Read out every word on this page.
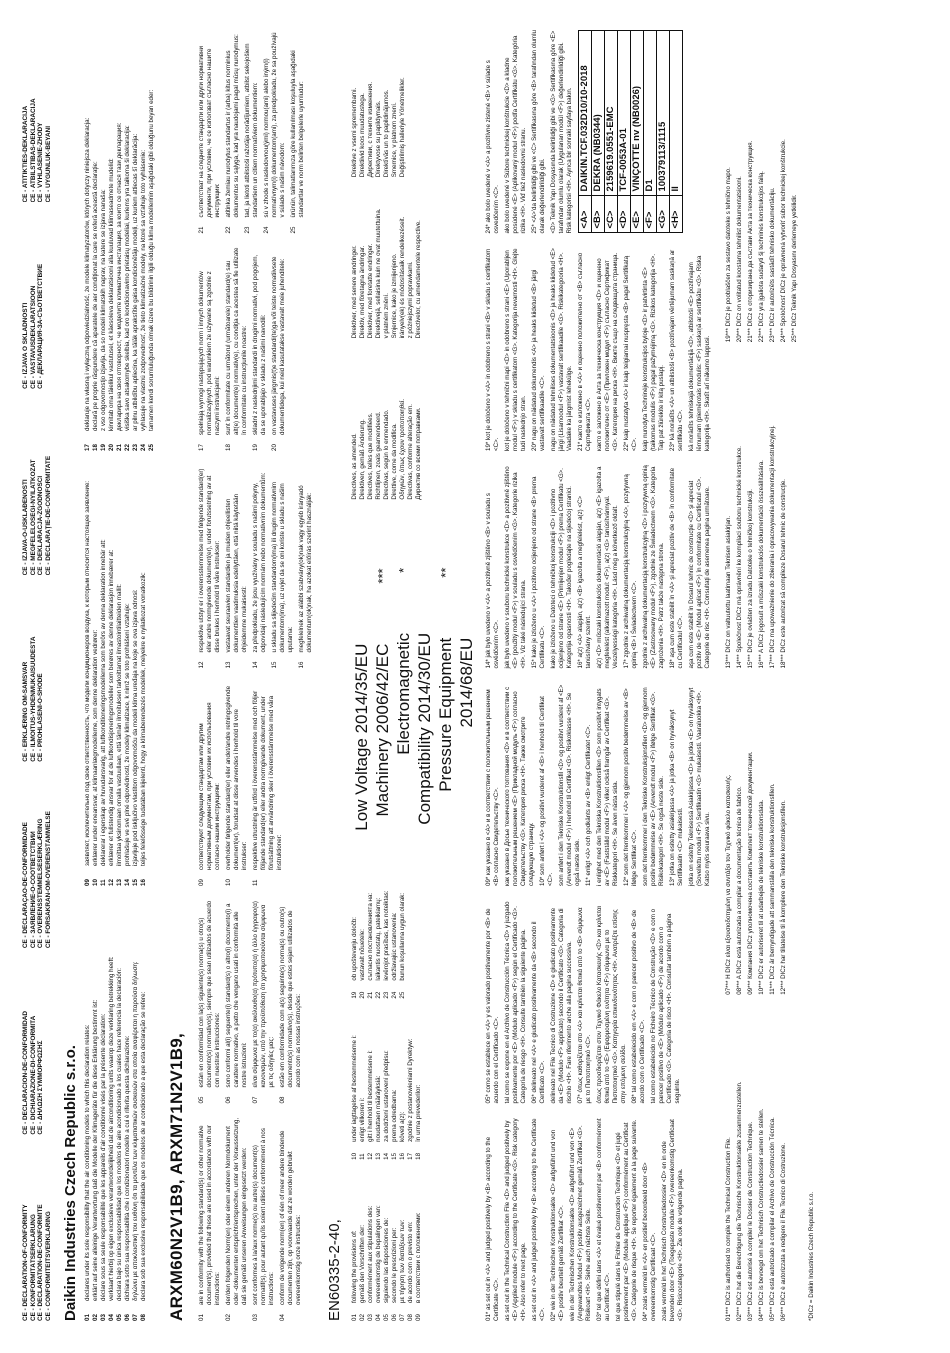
CE - DECLARATION-OF-CONFORMITY CE - KONFORMITÄTSERKLÄRUNG CE - DECLARATION-DE-CONFORMITE CE - CONFORMITEITSVERKLARING
CE - DECLARACION-DE-CONFORMIDAD CE - DICHIARAZIONE-DI-CONFORMITA CE - ΔΗΛΩΣΗ ΣΥΜΜΟΡΦΩΣΗΣ
CE - DECLARAÇÃO-DE-CONFORMIDADE CE - ЗАЯВЛЕНИЕ-О-СООТВЕТСТВИИ CE - OVERENSSTEMMELSESERKLÆRING CE - FÖRSÄKRAN-OM-ÖVERENSTÄMMELSE
CE - ERKLÆRING OM-SAMSVAR CE - ILMOITUS-YHDENMUKAISUUDESTA CE - PROHLÁŠENÍ-O-SHODĚ
CE - IZJAVA-O-USKLAĐENOSTI CE - MEGFELELŐSÉGI-NYILATKOZAT CE - DEKLARACJA-ZGODNOŚCI CE - DECLARAŢIE-DE-CONFORMITATE
CE - IZJAVA O SKLADNOSTI CE - VASTAVUSDEKLARATSIOON CE - ДЕКЛАРАЦИЯ-ЗА-СЪОТВЕТСТВИЕ
CE - ATITIKTIES-DEKLARACIJA CE - ATBILSTĪBAS-DEKLARĀCIJA CE - VYHLÁSENIE-ZHODY CE - UYGUNLUK-BEYANI
Daikin Industries Czech Republic s.r.o. 01
declares under its sole responsibility that the air conditioning models to which this declaration relates:
02
erklärt auf seine alleinige Verantwortung daß die Modelle der Klimageräte für die diese Erklärung bestimmt ist:
03
déclare sous sa seule responsabilité que les appareils d'air conditionné visés par la présente déclaration:
04
verklaart hierbij op eigen exclusieve verantwoordelijkheid dat de airconditioning units waarop deze verklaring betrekking heeft:
05
declara bajo su única responsabilidad que los modelos de aire acondicionado a los cuales hace referencia la declaración:
06
dichiara sotto sua responsabilità che i condizionatori modello a cui è riferita questa dichiarazione:
07
δηλώνει με αποκλειστική του ευθύνη ότι τα μοντέλα των κλιματιστικών συσκευών στα οποία αναφέρεται η παρούσα δήλωση:
08
declara sob sua exclusiva responsabilidade que os modelos de ar condicionado a que esta declaração se refere:
09
заявляет, исключительно под свою ответственность, что модели кондиционеров воздуха, к которым относится настоящее заявление:
10
erklærer under eneansvar, at klimaanlægmodellerne, som denne deklaration vedrører:
11
deklarerar i egenskap av huvudansvarig, att luftkonditioneringsmodellerna som berörs av denna deklaration innebär att:
12
erklærer et fullstendig ansvar for at de luftkondisjoneringsmodeller som berøres av denne deklarasjon innebærer at:
13
ilmoittaa yksinomaan omalla vastuullaan, että tämän ilmoituksen tarkoittamat ilmastointilaitteiden mallit:
14
prohlašuje ve své plné odpovědnosti, že modely klimatizace, k nimž se toto prohlášení vztahuje:
15
izjavljuje pod isključivo vlastitom odgovornošću da modeli klima uređaja na koje se ova izjava odnosi:
16
teljes felelőssége tudatában kijelenti, hogy a klímaberendezés modellek, melyekre e nyilatkozat vonatkozik:
17
deklaruje na własną i wyłączną odpowiedzialność, że modele klimatyzatorów, których dotyczy niniejsza deklaracja:
18
declară pe proprie răspundere că aparatele de aer condiţionat la care se referă această declaraţie:
19
z vso odgovornostjo izjavlja, da so modeli klimatskih naprav, na katere se izjava nanaša:
20
kinnitab oma täielikul vastutusel, et käesoleva deklaratsiooni alla kuuluvad kliimaseadmete mudelid:
21
декларира на своя отговорност, че моделите климатична инсталация, за които се отнася тази декларация:
22
visiška savo atsakomybe skelbia, kad oro kondicionavimo prietaisų modeliai, kuriems yra taikoma ši deklaracija:
23
ar pilnu atbildību apliecina, ka tālāk aprakstītie gaisa kondicionētāju modeļi, uz kuriem attiecas šī deklarācija:
24
vyhlasuje na vlastnú zodpovednosť, že tieto klimatizačné modely, na ktoré sa vzťahuje toto vyhlásenie:
25
tamamen kendi sorumluluğunda olmak üzere bu bildirinin ilgili olduğu klima modellerinin aşağıdaki gibi olduğunu beyan eder:
ARXM60N2V1B9, ARXM71N2V1B9,	01
are in conformity with the following standard(s) or other normative document(s), provided that these are used in accordance with our instructions:
02
der/den folgenden Norm(en) oder einem anderen Normdokument oder -dokumenten entspricht/entsprechen, unter der Voraussetzung, daß sie gemäß unseren Anweisungen eingesetzt werden:
03
sont conformes à la/aux norme(s) ou autre(s) document(s) normatif(s), pour autant qu'ils soient utilisés conformément à nos instructions:
04
conform de volgende norm(en) of één of meer andere bindende documenten zijn, op voorwaarde dat ze worden gebruikt overeenkomstig onze instructies:
05
están en conformidad con la(s) siguiente(s) norma(s) u otro(s) documento(s) normativo(s), siempre que sean utilizados de acuerdo con nuestras instrucciones:
06
sono conformi al(i) seguente(i) standard(s) o altro(i) documento(i) a carattere normativo, a patto che vengano usati in conformità alle nostre istruzioni:
07
είναι σύμφωνα με το(α) ακόλουθο(α) πρότυπο(α) ή άλλο έγγραφο(α) κανονισμών, υπό την προϋπόθεση ότι χρησιμοποιούνται σύμφωνα με τις οδηγίες μας:
08
estão em conformidade com a(s) seguinte(s) norma(s) ou outro(s) documento(s) normativo(s), desde que estes sejam utilizados de acordo com as nossas instruções:
09
соответствуют следующим стандартам или другим нормативным документам, при условии их использования согласно нашим инструкциям:
10
overholder følgende standard(er) eller andet/andre retningsgivende dokument(er), forudsat at disse anvendes i henhold til vore instrukser:
11
respektive utrustning är utförd i överensstämmelse med och följer följande standard(er) eller andra normgivande dokument, under förutsättning att användning sker i överensstämmelse med våra instruktioner:
12
respektive utstyr er i overensstemmelse med følgende standard(er) eller andre normgivende dokument(er), under forutssetning av at disse brukes i henhold til våre instrukser:
13
vastaavat seuraavien standardien ja muiden ohjeellisten dokumenttien vaatimuksia edellyttäen, että niitä käytetään ohjeidemme mukaisesti:
14
za předpokladu, že jsou využívány v souladu s našimi pokyny, odpovídají následujícím normám nebo normativním dokumentům:
15
u skladu sa slijedećim standardom(ima) ili drugim normativnim dokumentom(ima), uz uvjet da se oni koriste u skladu s našim uputama:
16
megfelelnek az alábbi szabvány(ok)nak vagy egyéb irányadó dokumentum(ok)nak, ha azokat előírás szerint használják:
17
spełniają wymogi następujących norm i innych dokumentów normalizacyjnych, pod warunkiem że używane są zgodnie z naszymi instrukcjami:
18
sunt în conformitate cu următorul (următoarele) standard(e) sau alt(e) document(e) normativ(e), cu condiţia ca acestea să fie utilizate în conformitate cu instrucţiunile noastre:
19
skladni z naslednjimi standardi in drugimi normativi, pod pogojem, da se uporabljajo v skladu z našimi navodili:
20
on vastavuses järgmis(t)e standardi(te)ga või teiste normatiivsete dokumentidega, kui neid kasutatakse vastavalt meie juhenditele:
21
съответстват на следните стандарти или други нормативни документи, при условие, че се използват съгласно нашите инструкции:
22
atitinka žemiau nurodytus standartus ir (arba) kitus norminius dokumentus su sąlyga, kad yra naudojami pagal mūsų nurodymus:
23
tad, ja lietoti atbilstoši ražotāja norādījumiem, atbilst sekojošiem standartiem un citiem normatīviem dokumentiem:
24
sú v zhode s nasledovnou(ými) normou(ami) alebo iným(i) normatívnym(i) dokumentom(ami), za predpokladu, že sa používajú v súlade s našim návodom:
25
ürünün, talimatlarımıza göre kullanılması koşuluyla aşağıdaki standartlar ve norm belirten belgelerle uyumludur:
EN60335-2-40,	01
following the provisions of:
02
gemäß den Vorschriften der:
03
conformément aux stipulations des:
04
overeenkomstig de bepalingen van:
05
siguiendo las disposiciones de:
06
secondo le prescrizioni per:
07
με τήρηση των διατάξεων των:
08
de acordo com o previsto em:
09
в соответствии с положениями:
10
under iagttagelse af bestemmelserne i:
11
enligt villkoren i:
12
gitt i henhold til bestemmelsene i:
13
noudattaen määräyksiä:
14
za dodržení ustanovení předpisu:
15
prema odredbama:
16
követi a(z):
17
zgodnie z postanowieniami Dyrektyw:
18
în urma prevederilor:
19
ob upoštevanju določb:
20
vastavalt nõuetele:
21
съгласно постановленията на:
22
laikantis nuostatų, pateikiamų:
23
ievērojot prasības, kas noteiktas:
24
održiavajúc ustanovenia:
25
bunun koşullarına uygun olarak:
Low Voltage 2014/35/EU Machinery 2006/42/EC
***
Electromagnetic Compatibility 2014/30/EU
*
Pressure Equipment 2014/68/EU
**
Directives, as amended. Direktiven, gemäß Änderung. Directives, telles que modifiées. Richtlijnen, zoals geamendeerd. Directivas, según lo enmendado. Direttive, come da modifica. Οδηγιών, όπως έχουν τροποποιηθεί. Directivas, conforme alteração em. Директив со всеми поправками.
Direktiver, med senere ændringer. Direktiv, med företagna ändringar. Direktiver, med foretatte endringer. Direktiivejä, sellaisina kuin ne ovat muutettuina. v platném znění. Smjernice, kako je izmijenjeno. irányelv(ek) és módosításaik rendelkezéseit. z późniejszymi poprawkami. Directivelor, cu amendamentele respective.
Direktive z vsemi spremembami. Direktiivid koos muudatustega. Директиви, с техните изменения. Direktyvose su papildymais. Direktīvās un to papildinājumos. Smernice, v platnom znení. Değiştirilmiş halleriyle Yönetmelikler.
01* as set out in <A> and judged positively by <B> according to the Certificate <C>. as set out in the Technical Construction File <D> and judged positively by <E> (Applied module <F>) according to the Certificate <G>. Risk category <H>. Also refer to next page. as set out in <A> and judged positively by <B> according to the Certificate <C>. 02* wie in der Technischen Konstruktionsakte <D> aufgeführt und von <E> positiv beurteilt gemäß Zertifikat <C>. wie in der Technischen Konstruktionsakte <D> aufgeführt und von <E> (Angewandtes Modul <F>) positiv ausgezeichnet gemäß Zertifikat <G>. Risikoart <H>. Siehe auch nächste Seite. 03* tel que défini dans <A> et évalué positivement par <B> conformément au Certificat <C>. tel que stipulé dans le Fichier de Construction Technique <D> et jugé positivement par <E> (Module appliqué <F>) conformément au Certificat <G>. Catégorie de risque <H>. Se reporter également à la page suivante. 04* zoals vermeld in <A> en positief beoordeeld door <B> overeenkomstig Certificaat <C>. zoals vermeld in het Technisch Constructiedossier <D> en in orde bevonden door <E> (Toegepaste module <F>) overeenkomstig Certificaat <G>. Risicocategorie <H>. Zie ook de volgende pagina.
05* como se establece en <A> y es valorado positivamente por <B> de acuerdo con el Certificado <C>. tal como se expone en el Archivo de Construcción Técnica <D> y juzgado positivamente por <E> (Módulo aplicado <F>) según el Certificado <G>. Categoría de riesgo <H>. Consulte también la siguiente página. 06* delineato nel <A> e giudicato positivamente da <B> secondo il Certificato <C>. delineato nel File Tecnico di Costruzione <D> e giudicato positivamente da <E> (Modulo <F> applicato) secondo il Certificato <G>. Categoria di rischio <H>. Fare riferimento anche alla pagina successiva. 07* όπως καθορίζεται στο <A> και κρίνεται θετικά από το <B> σύμφωνα με το Πιστοποιητικό <C>. όπως προσδιορίζεται στον Τεχνικό Φάκελο Κατασκευής <D> και κρίνεται θετικά από το <E> (Εφαρμοσμένη ενότητα <F>) σύμφωνα με το Πιστοποιητικό <G>. Κατηγορία επικινδυνότητας <H>. Ανατρέξτε επίσης στην επόμενη σελίδα. 08* tal como estabelecido em <A> e com o parecer positivo de <B> de acordo com o Certificado <C>. tal como estabelecido no Ficheiro Técnico de Construção <D> e com o parecer positivo de <E> (Módulo aplicado <F>) de acordo com o Certificado <G>. Categoria de risco <H>. Consultar também a página seguinte.
09* как указано в <A> и в соответствии с положительным решением <B> согласно Свидетельству <C>. как указано в Досье технического топтования <D> и в соответствии с положительным решением <E> (Прикладной модуль <F>) согласно Свидетельству <G>. Категория риска <H>. Также смотрите следующую страницу. 10* som anført i <A> og positivt vurderet af <B> i henhold til Certifikat <C>. som anført i den Tekniske Konstruktionsfil <D> og positivt vurderet af <E> (Anvendt modul <F>) i henhold til Certifikat <G>. Risikoklasse <H>. Se også næste side. 11* enligt <A> och godkänts av <B> enligt Certifikatet <C>. i enlighet med den Tekniska Konstruktionsfilen <D> som positivt intygats av <E> (Fastställd modul <F>) vilket också framgår av Certifikat <G>. Riskkategori <H>. Se även nästa sida. 12* som det fremkommer i <A> og gjennom positiv bedømmelse av <B> ifølge Sertifikat <C>. som det fremkommer i den Tekniske Konstruksjonsfilen <D> og gjennom positiv bedømmelse av <E> (Anvendt modul <F>) ifølge Sertifikat <G>. Risikokategori <H>. Se også neste side. 13* jotka on esitetty asiakirjassa <A> ja jotka <B> on hyväksynyt Sertifikaatin <C> mukaisesti. jotka on esitetty Teknisessä Asiakirjassa <D> ja jotka <E> on hyväksynyt (Sovellettu moduli <F>) Sertifikaatin <G> mukaisesti. Vaaraluokka <H>. Katso myös seuraava sivu.
14* jak bylo uvedeno v <A> a pozitivně zjištěno <B> v souladu s osvědčením <C>. jak bylo uvedeno v souboru technické konstrukce <D> a pozitivně zjištěno <E> (použitý modul <F>) v souladu s osvědčením <G>. Kategorie rizika <H>. Viz také následující strana. 15* kako je izloženo u <A> i pozitivno ocijenjeno od strane <B> prema Certifikatu <C>. kako je izloženo u Datoteci o tehničkoj konstrukciji <D> i pozitivno ocijenjeno od strane <E> (Primijenjen modul <F>) prema Certifikatu <G>. Kategorija opasnosti <H>. Također pogledajte na sljedećoj stranici. 16* a(z) <A> alapján, a(z) <B> igazolta a megfelelést, a(z) <C> tanúsítvány szerint. a(z) <D> műszaki konstrukciós dokumentáció alapján, a(z) <E> igazolta a megfelelést (alkalmazott modul: <F>), a(z) <G> tanúsítvánnyal. Veszélyességi kategória <H>. Lásd még a következő oldalt. 17* zgodnie z archiwalną dokumentacją konstrukcyjną <A>, pozytywną opinią <B> i Świadectwem <C>. zgodnie z archiwalną dokumentacją konstrukcyjną <D> i pozytywną opinią <E> (Zastosowany moduł <F>), zgodnie ze Świadectwem <G>. Kategoria zagrożenia <H>. Patrz także następna strona. 18* aşa cum este stabilit în <A> şi apreciat pozitiv de <B> în conformitate cu Certificatul <C>. aşa cum este stabilit în Dosarul tehnic de construcţie <D> şi apreciat pozitiv de <E> (Modul aplicat <F>) în conformitate cu Certificatul <G>. Categorie de risc <H>. Consultaţi de asemenea pagina următoare.
19* kot je določeno v <A> in odobreno s strani <B> v skladu s certifikatom <C>. kot je določeno v tehnični mapi <D> in odobreno s strani <E> (Uporabljen modul <F>) v skladu s certifikatom <G>. Kategorija nevarnosti <H>. Glejte tudi naslednjo stran. 20* nagu on näidatud dokumendis <A> ja heaks kiidetud <B> järgi vastavalt sertifikaadile <C>. nagu on näidatud tehnilises dokumentatsioonis <D> ja heaks kiidetud <E> järgi (Lisamoodul <F>) vastavalt sertifikaadile <G>. Riskikategooria <H>. Vaadake ka järgmist lehekülge. 21* както е изложено в <A> и оценено положително от <B> съгласно Сертификата <C>. както е заложено в Акта за техническа конструкция <D> и оценено положително от <E> (Приложен модул <F>) съгласно Сертификат <G>. Категория на риска <H>. Вижте също на следващата страница. 22* kaip nustatyta <A> ir kaip teigiamai nuspręsta <B> pagal Sertifikatą <C>. kaip nurodyta Techninėje konstrukcijos byloje <D> ir patvirtinta <E> (taikomas modulis <F>) pagal pažymėjimą <G>. Rizikos kategorija <H>. Taip pat žiūrėkite ir kitą puslapį. 23* kā norādīts <A> un atbilstoši <B> pozitīvajam vērtējumam saskaņā ar sertifikātu <C>. kā norādīts tehniskajā dokumentācijā <D>, atbilstoši <E> pozitīvajam lēmumam (piemērotais modulis: <F>) saskaņā ar sertifikātu <G>. Riska kategorija <H>. Skatīt arī nākamo lappusi.
24* ako bolo uvedené v <A> a pozitívne zistené <B> v súlade s osvedčením <C>. ako bolo uvedené v Súbore technickej konštrukcie <D> a kladne posúdené <E> (Aplikovaný modul <F>) podľa Certifikátu <G>. Kategória rizika <H>. Viď tiež nasledovnú stranu. 25* <A>'da belirtildiği gibi ve <C> Sertifikasına göre <B> tarafından olumlu olarak değerlendirildiği gibi. <D> Teknik Yapı Dosyasında belirtildiği gibi ve <G> Sertifikasına göre <E> tarafından olumlu olarak (Uygulanan modül <F>) değerlendirildiği gibi. Risk kategorisi <H>. Ayrıca bir sonraki sayfaya bakın. <A>	DAIKIN.TCF.032D10/10-2018
<B>	DEKRA (NB0344)
<C>	2159619.0551-EMC
<D>	TCF-0053A-01
<E>	VINÇOTTE nv (NB0026)
<F>	D1
<G>	100379113/1115
<H>	II
01*** DICz is authorised to compile the Technical Construction File. 02*** DICz hat die Berechtigung die Technische Konstruktionsakte zusammenzustellen. 03*** DICz est autorisé à compiler le Dossier de Construction Technique. 04*** DICz is bevoegd om het Technisch Constructiedossier samen te stellen. 05*** DICz está autorizado a compilar el Archivo de Construcción Técnica. 06*** DICz è autorizzata a redigere il File Tecnico di Costruzione.
07*** Η DICz είναι εξουσιοδοτημένη να συντάξει τον Τεχνικό φάκελο κατασκευής. 08*** A DICz está autorizada a compilar a documentação técnica de fabrico. 09*** Компания DICz уполномочена составить Комплект технической документации. 10*** DICz er autoriseret til at udarbejde de tekniske konstruktionsdata. 11*** DICz är bemyndigade att sammanställa den tekniska konstruktionsfilen. 12*** DICz har tillatelse til å kompilere den Tekniske konstruksjonsfilen.
13*** DICz on valtuutettu laatimaan Teknisen asiakirjan. 14*** Společnost DICz má oprávnění ke kompilaci souboru technické konstrukce. 15*** DICz je ovlašten za izradu Datoteke o tehničkoj konstrukciji. 16*** A DICz jogosult a műszaki konstrukciós dokumentáció összeállítására. 17*** DICz ma upoważnienie do zbierania i opracowywania dokumentacji konstrukcyjnej. 18*** DICz este autorizat să compileze Dosarul tehnic de construcţie.
19*** DICz je pooblaščen za sestavo datoteke s tehnično mapo. 20*** DICz on volitatud koostama tehnilist dokumentatsiooni. 21*** DICz е оторизирана да състави Акта за техническа конструкция. 22*** DICz yra įgaliota sudaryti šį techninės konstrukcijos failą. 23*** DICz ir autorizēts sastādīt tehnisko dokumentāciju. 24*** Spoločnosť DICz je oprávnená vytvoriť súbor technickej konštrukcie. 25*** DICz Teknik Yapı Dosyasını derlemeye yetkilidir.
*DICz = Daikin Industries Czech Republic s.r.o.
